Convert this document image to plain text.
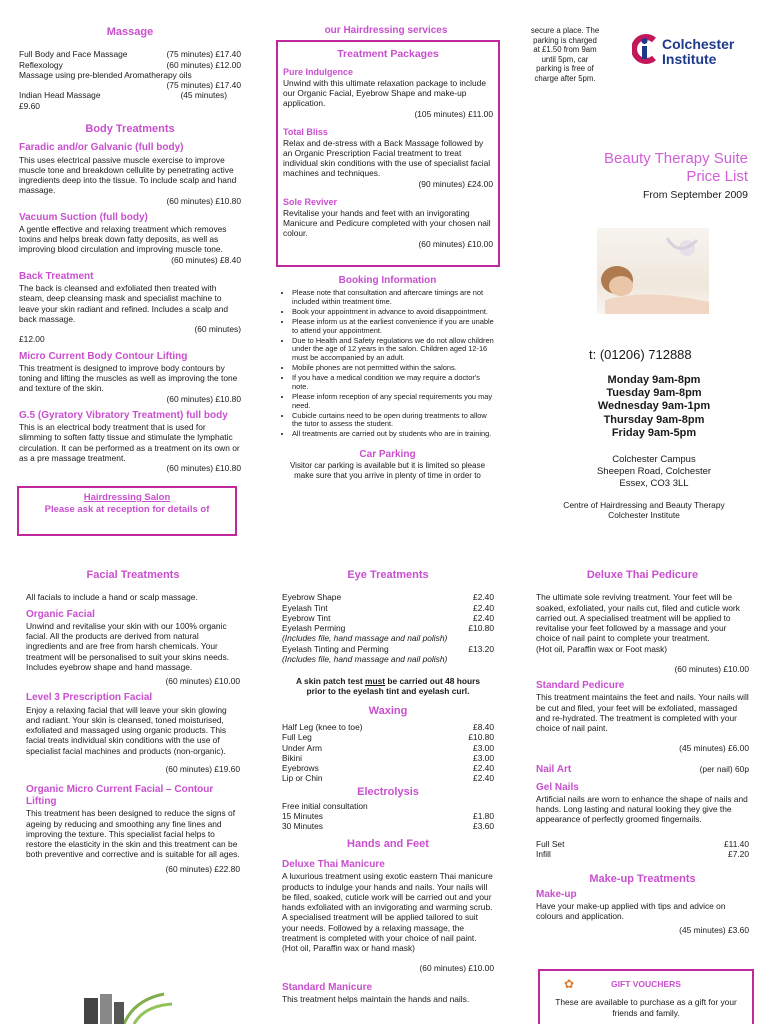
Massage
Full Body and Face Massage	(75 minutes) £17.40
Reflexology	(60 minutes) £12.00
Massage using pre-blended Aromatherapy oils
(75 minutes) £17.40
Indian Head Massage	(45 minutes)
£9.60
Body Treatments
Faradic and/or Galvanic (full body)

This uses electrical passive muscle exercise to improve muscle tone and breakdown cellulite by penetrating active ingredients deep into the tissue. To include scalp and hand massage.

(60 minutes) £10.80
Vacuum Suction (full body)

A gentle effective and relaxing treatment which removes toxins and helps break down fatty deposits, as well as improving blood circulation and improving muscle tone.

(60 minutes) £8.40
Back Treatment

The back is cleansed and exfoliated then treated with steam, deep cleansing mask and specialist machine to leave your skin radiant and refined. Includes a scalp and back massage.

(60 minutes)
£12.00
Micro Current Body Contour Lifting

This treatment is designed to improve body contours by toning and lifting the muscles as well as improving the tone and texture of the skin.

(60 minutes) £10.80
G.5 (Gyratory Vibratory Treatment) full body

This is an electrical body treatment that is used for slimming to soften fatty tissue and stimulate the lymphatic circulation. It can be performed as a treatment on its own or as a pre massage treatment.

(60 minutes) £10.80
Hairdressing Salon
Please ask at reception for details of
our Hairdressing services
Treatment Packages
Pure Indulgence

Unwind with this ultimate relaxation package to include our Organic Facial, Eyebrow Shape and make-up application.

(105 minutes) £11.00
Total Bliss

Relax and de-stress with a Back Massage followed by an Organic Prescription Facial treatment to treat individual skin conditions with the use of specialist facial machines and techniques.

(90 minutes) £24.00
Sole Reviver

Revitalise your hands and feet with an invigorating Manicure and Pedicure completed with your chosen nail colour.

(60 minutes) £10.00
Booking Information
• Please note that consultation and aftercare timings are not included within treatment time.
• Book your appointment in advance to avoid disappointment.
• Please inform us at the earliest convenience if you are unable to attend your appointment.
• Due to Health and Safety regulations we do not allow children under the age of 12 years in the salon. Children aged 12-16 must be accompanied by an adult.
• Mobile phones are not permitted within the salons.
• If you have a medical condition we may require a doctor's note.
• Please inform reception of any special requirements you may need.
• Cubicle curtains need to be open during treatments to allow the tutor to assess the student.
• All treatments are carried out by students who are in training.
Car Parking

Visitor car parking is available but it is limited so please make sure that you arrive in plenty of time in order to

secure a place. The parking is charged at £1.50 from 9am until 5pm, car parking is free of charge after 5pm.
Colchester
Institute
Beauty Therapy Suite
Price List
From September 2009
t: (01206) 712888
Monday 9am-8pm
Tuesday 9am-8pm
Wednesday 9am-1pm
Thursday 9am-8pm
Friday 9am-5pm
Colchester Campus
Sheepen Road, Colchester
Essex, CO3 3LL
Centre of Hairdressing and Beauty Therapy
Colchester Institute
Facial Treatments

All facials to include a hand or scalp massage.

Organic Facial

Unwind and revitalise your skin with our 100% organic facial. All the products are derived from natural ingredients and are free from harsh chemicals. Your treatment will be personalised to suit your skins needs. Includes eyebrow shape and hand massage.

(60 minutes) £10.00
Level 3 Prescription Facial

Enjoy a relaxing facial that will leave your skin glowing and radiant. Your skin is cleansed, toned moisturised, exfoliated and massaged using organic products. This facial treats individual skin conditions with the use of specialist facial machines and products (non-organic).

(60 minutes) £19.60
Organic Micro Current Facial – Contour Lifting

This treatment has been designed to reduce the signs of ageing by reducing and smoothing any fine lines and improving the texture. This specialist facial helps to restore the elasticity in the skin and this treatment can be both preventive and corrective and is suitable for all ages.

(60 minutes) £22.80
Eye Treatments
Eyebrow Shape	£2.40
Eyelash Tint	£2.40
Eyebrow Tint	£2.40
Eyelash Perming	£10.80
(Includes file, hand massage and nail polish)
Eyelash Tinting and Perming	£13.20
(Includes file, hand massage and nail polish)

A skin patch test must be carried out 48 hours prior to the eyelash tint and eyelash curl.

Waxing
Half Leg (knee to toe)	£8.40
Full Leg	£10.80
Under Arm	£3.00
Bikini	£3.00
Eyebrows	£2.40
Lip or Chin	£2.40
Electrolysis
Free initial consultation
15 Minutes	£1.80
30 Minutes	£3.60
Hands and Feet
Deluxe Thai Manicure

A luxurious treatment using exotic eastern Thai manicure products to indulge your hands and nails. Your nails will be filed, soaked, cuticle work will be carried out and your hands exfoliated with an invigorating and warming scrub. A specialised treatment will be applied tailored to suit your needs. Followed by a relaxing massage, the treatment is completed with your choice of nail paint.

(Hot oil, Paraffin wax or hand mask)

(60 minutes) £10.00
Standard Manicure

This treatment helps maintain the hands and nails.

Deluxe Thai Pedicure

The ultimate sole reviving treatment. Your feet will be soaked, exfoliated, your nails cut, filed and cuticle work carried out. A specialised treatment will be applied to revitalise your feet followed by a massage and your choice of nail paint to complete your treatment.

(Hot oil, Paraffin wax or Foot mask)

(60 minutes) £10.00
Standard Pedicure

This treatment maintains the feet and nails. Your nails will be cut and filed, your feet will be exfoliated, massaged and re-hydrated. The treatment is completed with your choice of nail paint.

(45 minutes) £6.00
Nail Art	(per nail) 60p
Gel Nails

Artificial nails are worn to enhance the shape of nails and hands. Long lasting and natural looking they give the appearance of perfectly groomed fingernails.

Full Set	£11.40
Infill	£7.20
Make-up Treatments
Make-up

Have your make-up applied with tips and advice on colours and application.

(45 minutes) £3.60
✿	GIFT VOUCHERS

These are available to purchase as a gift for your friends and family.
